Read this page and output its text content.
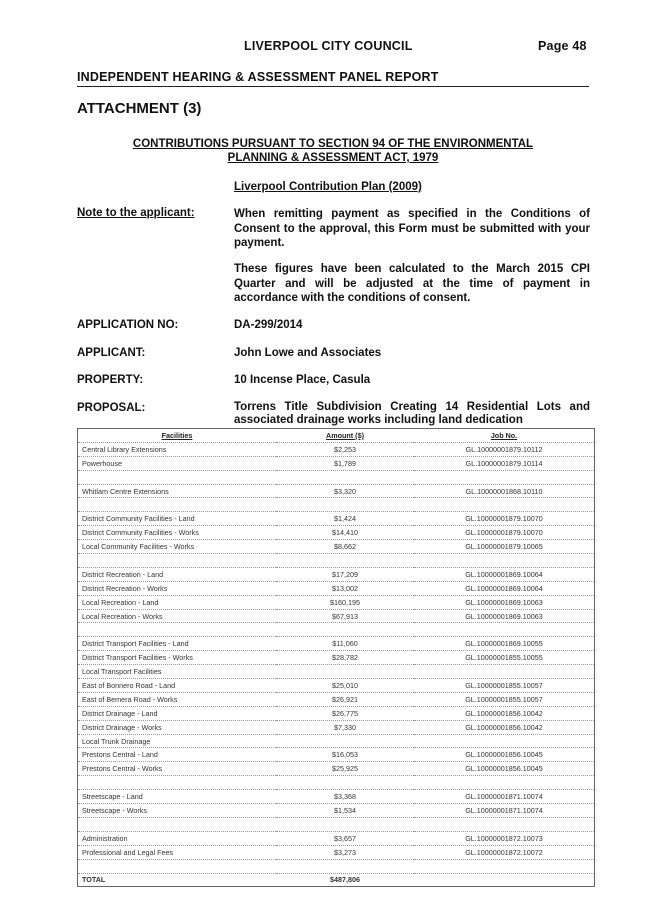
LIVERPOOL CITY COUNCIL	Page 48
INDEPENDENT HEARING & ASSESSMENT PANEL REPORT
ATTACHMENT (3)
CONTRIBUTIONS PURSUANT TO SECTION 94 OF THE ENVIRONMENTAL
PLANNING & ASSESSMENT ACT, 1979
Liverpool Contribution Plan (2009)
Note to the applicant:	When remitting payment as specified in the Conditions of Consent to the approval, this Form must be submitted with your payment.
These figures have been calculated to the March 2015 CPI Quarter and will be adjusted at the time of payment in accordance with the conditions of consent.
APPLICATION NO:	DA-299/2014
APPLICANT:	John Lowe and Associates
PROPERTY:	10 Incense Place, Casula
PROPOSAL:	Torrens Title Subdivision Creating 14 Residential Lots and associated drainage works including land dedication
Facilities	Amount ($)	Job No.
Central Library Extensions	$2,253	GL.10000001879.10112
Powerhouse	$1,789	GL.10000001879.10114

Whitlam Centre Extensions	$3,320	GL.10000001868.10110

District Community Facilities - Land	$1,424	GL.10000001879.10070
District Community Facilities - Works	$14,410	GL.10000001879.10070
Local Community Facilities - Works	$8,662	GL.10000001879.10065

District Recreation - Land	$17,209	GL.10000001869.10064
District Recreation - Works	$13,002	GL.10000001869.10064
Local Recreation - Land	$160,195	GL.10000001869.10063
Local Recreation - Works	$67,913	GL.10000001869.10063

District Transport Facilities - Land	$11,060	GL.10000001869.10055
District Transport Facilities - Works	$28,782	GL.10000001855.10055
Local Transport Facilities		
East of Bonnero Road - Land	$25,010	GL.10000001855.10057
East of Bemera Road - Works	$26,921	GL.10000001855.10057
District Drainage - Land	$26,775	GL.10000001856.10042
District Drainage - Works	$7,330	GL.10000001856.10042
Local Trunk Drainage		
Prestons Central - Land	$16,053	GL.10000001856.10045
Prestons Central - Works	$25,925	GL.10000001856.10045

Streetscape - Land	$3,368	GL.10000001871.10074
Streetscape - Works	$1,534	GL.10000001871.10074

Administration	$3,657	GL.10000001872.10073
Professional and Legal Fees	$3,273	GL.10000001872.10072

TOTAL	$487,806	
